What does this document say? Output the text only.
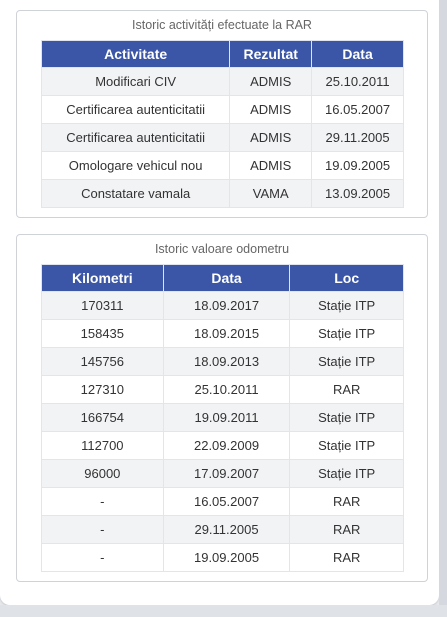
Istoric activități efectuate la RAR
Activitate	Rezultat	Data
Modificari CIV	ADMIS	25.10.2011
Certificarea autenticitatii	ADMIS	16.05.2007
Certificarea autenticitatii	ADMIS	29.11.2005
Omologare vehicul nou	ADMIS	19.09.2005
Constatare vamala	VAMA	13.09.2005
Istoric valoare odometru
Kilometri	Data	Loc
170311	18.09.2017	Stație ITP
158435	18.09.2015	Stație ITP
145756	18.09.2013	Stație ITP
127310	25.10.2011	RAR
166754	19.09.2011	Stație ITP
112700	22.09.2009	Stație ITP
96000	17.09.2007	Stație ITP
-	16.05.2007	RAR
-	29.11.2005	RAR
-	19.09.2005	RAR
